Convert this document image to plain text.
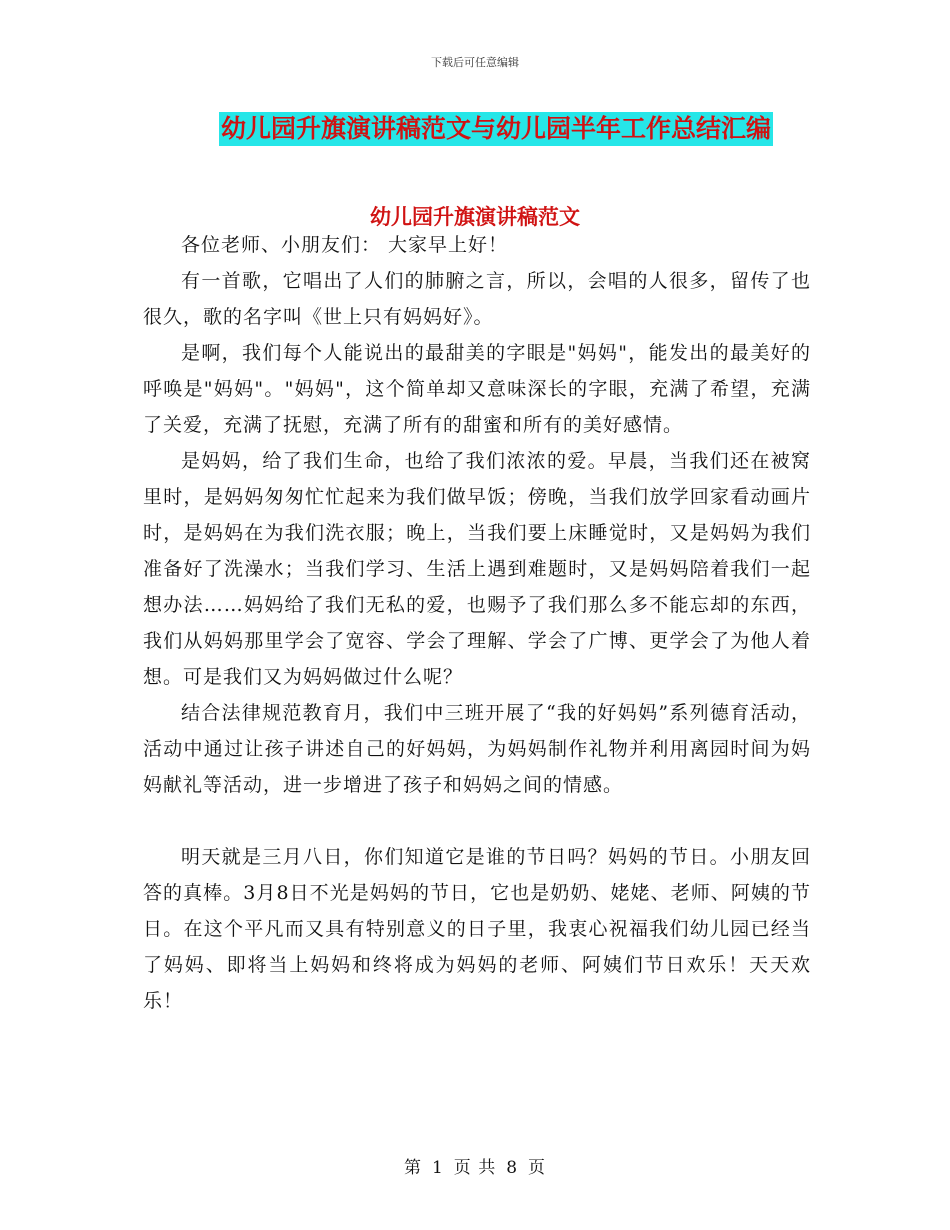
下载后可任意编辑
幼儿园升旗演讲稿范文与幼儿园半年工作总结汇编
幼儿园升旗演讲稿范文

各位老师、小朋友们： 大家早上好！

有一首歌，它唱出了人们的肺腑之言，所以，会唱的人很多，留传了也很久，歌的名字叫《世上只有妈妈好》。

是啊，我们每个人能说出的最甜美的字眼是"妈妈"，能发出的最美好的呼唤是"妈妈"。"妈妈"，这个简单却又意味深长的字眼，充满了希望，充满了关爱，充满了抚慰，充满了所有的甜蜜和所有的美好感情。

是妈妈，给了我们生命，也给了我们浓浓的爱。早晨，当我们还在被窝里时，是妈妈匆匆忙忙起来为我们做早饭；傍晚，当我们放学回家看动画片时，是妈妈在为我们洗衣服；晚上，当我们要上床睡觉时，又是妈妈为我们准备好了洗澡水；当我们学习、生活上遇到难题时，又是妈妈陪着我们一起想办法……妈妈给了我们无私的爱，也赐予了我们那么多不能忘却的东西，我们从妈妈那里学会了宽容、学会了理解、学会了广博、更学会了为他人着想。可是我们又为妈妈做过什么呢？

结合法律规范教育月，我们中三班开展了“我的好妈妈”系列德育活动，活动中通过让孩子讲述自己的好妈妈，为妈妈制作礼物并利用离园时间为妈妈献礼等活动，进一步增进了孩子和妈妈之间的情感。

明天就是三月八日，你们知道它是谁的节日吗？妈妈的节日。小朋友回答的真棒。3月8日不光是妈妈的节日，它也是奶奶、姥姥、老师、阿姨的节日。在这个平凡而又具有特别意义的日子里，我衷心祝福我们幼儿园已经当了妈妈、即将当上妈妈和终将成为妈妈的老师、阿姨们节日欢乐！天天欢乐！

第 1 页 共 8 页
